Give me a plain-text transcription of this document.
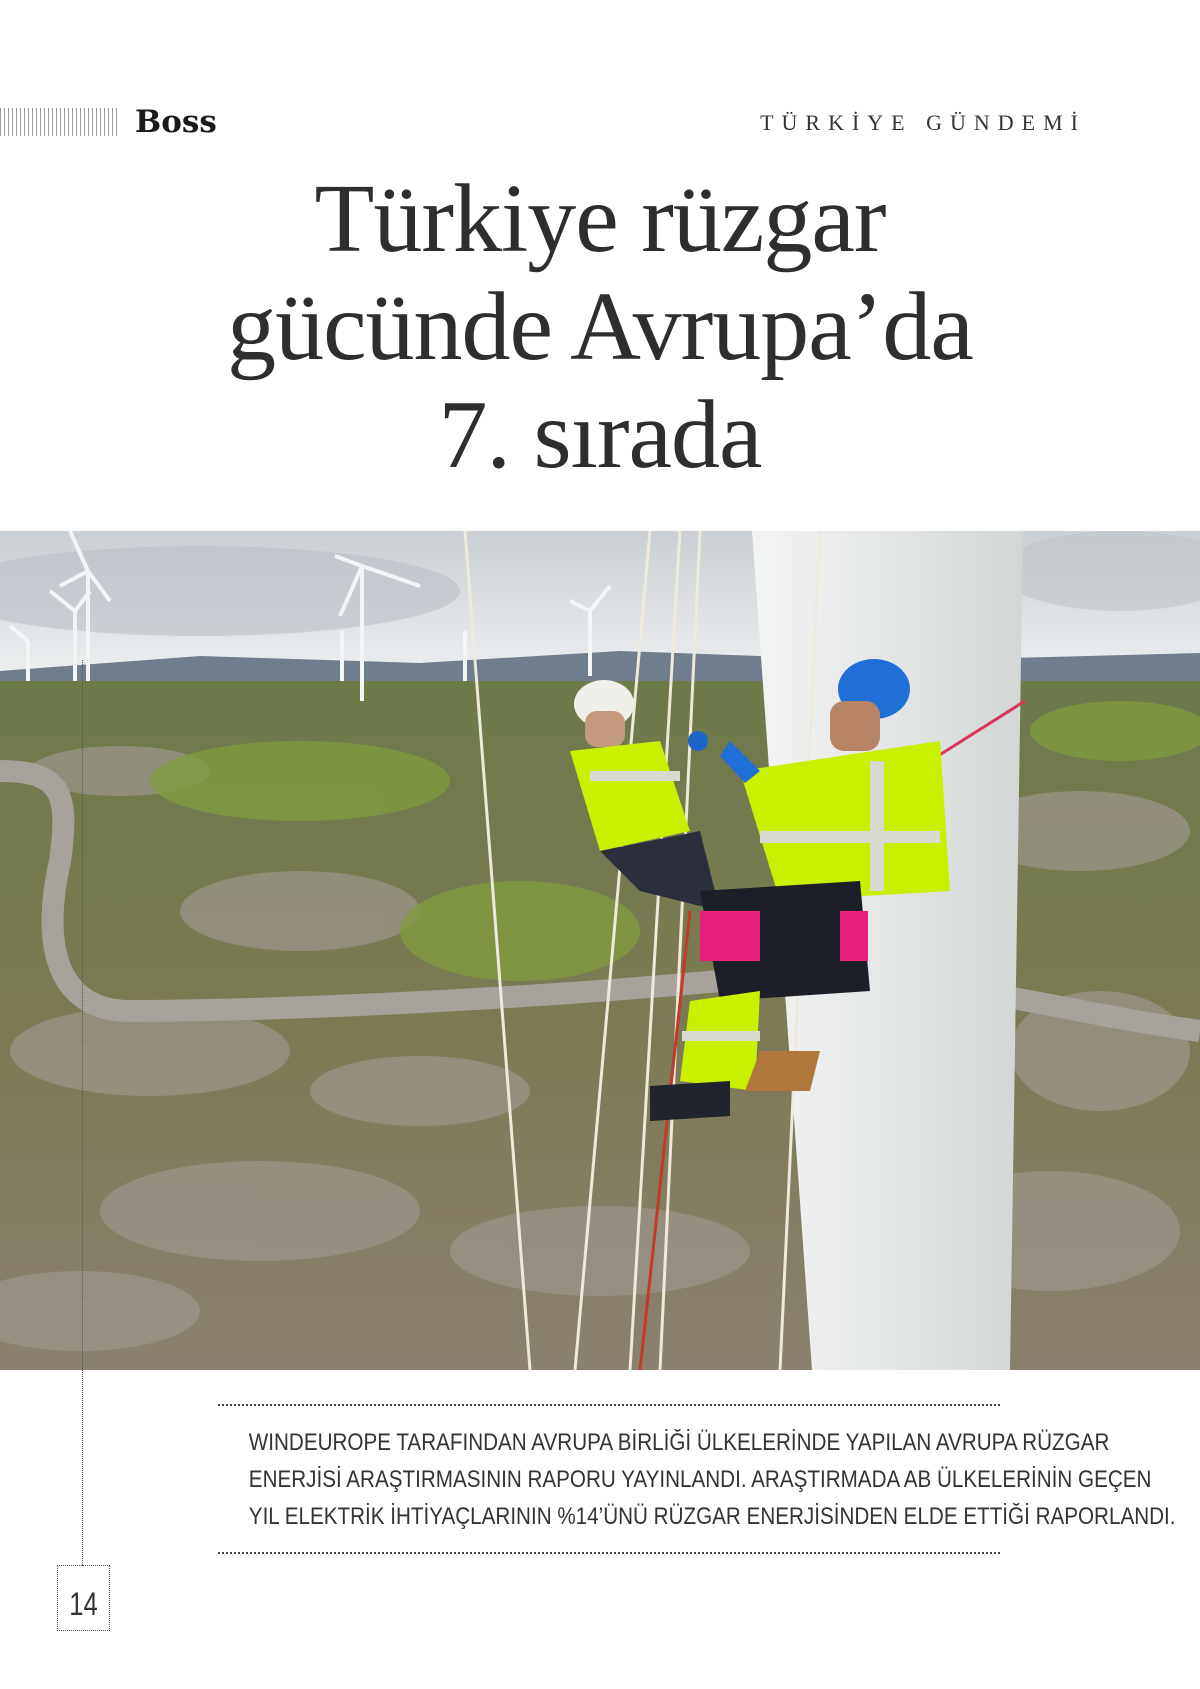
Boss	TÜRKİYE GÜNDEMİ
Türkiye rüzgar
gücünde Avrupa’da
7. sırada
14
WINDEUROPE TARAFINDAN AVRUPA BİRLİĞİ ÜLKELERİNDE YAPILAN AVRUPA RÜZGAR
ENERJİSİ ARAŞTIRMASININ RAPORU YAYINLANDI. ARAŞTIRMADA AB ÜLKELERİNİN GEÇEN
YIL ELEKTRİK İHTİYAÇLARININ %14’ÜNÜ RÜZGAR ENERJİSİNDEN ELDE ETTİĞİ RAPORLANDI.
